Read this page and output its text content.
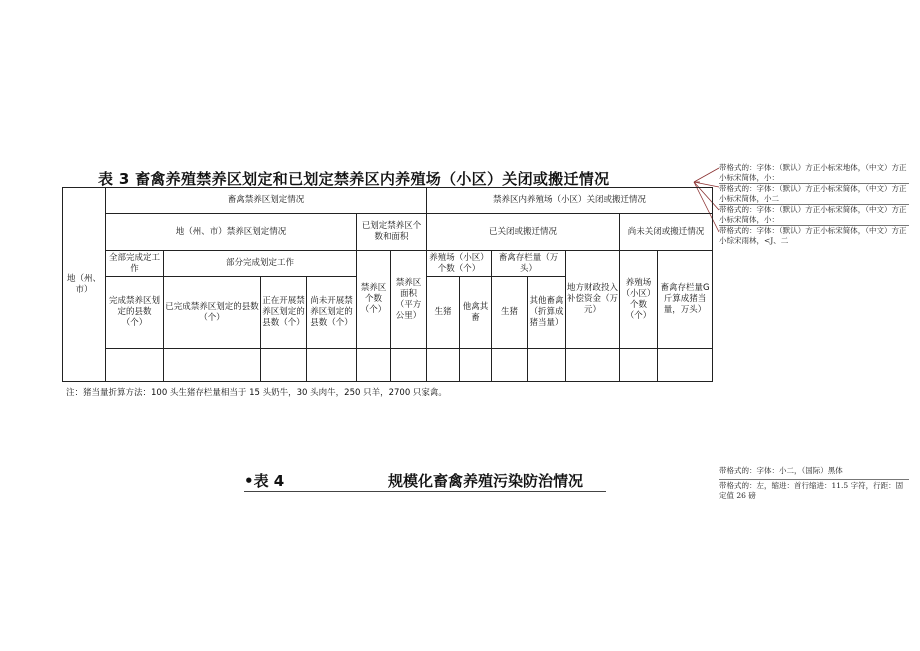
表 3 畜禽养殖禁养区划定和已划定禁养区内养殖场（小区）关闭或搬迁情况
地（州、市）	畜禽禁养区划定情况						禁养区内养殖场（小区）关闭或搬迁情况						
	地（州、市）禁养区划定情况				已划定禁养区个数和面积		已关闭或搬迁情况					尚未关闭或搬迁情况	
	全部完成定工作	部分完成划定工作			禁养区个数（个）	禁养区面积（平方公里）	养殖场（小区）个数（个）		畜禽存栏量（万头）		地方财政投入补偿资金（万元）	养殖场（小区）个数（个）	畜禽存栏量G斤算成猪当量，万头）
	完成禁养区划定的县数（个）	已完成禁养区划定的县数（个）	正在开展禁养区划定的县数（个）	尚未开展禁养区划定的县数（个）			生猪	他禽其畜	生猪	其他畜禽（折算成猪当量）			

注：猪当量折算方法：100 头生猪存栏量相当于 15 头奶牛，30 头肉牛，250 只羊，2700 只家禽。
•表 4	规模化畜禽养殖污染防治情况
带格式的：字体：（默认）方正小标宋地体，（中文）方正小标宋简体，小：
带格式的：字体：（默认）方正小标宋简体，（中文）方正小标宋简体，小二
带格式的：字体：（默认）方正小标宋简体，（中文）方正小标宋简体，小：
带格式的：字体：（默认）方正小标宋简体，（中文）方正小综宋雨林，<J、二
带格式的：字体：小二，（国际）黑体
带格式的：左，缩进：首行缩进：11.5 字符，行距：固定值 26 磅
